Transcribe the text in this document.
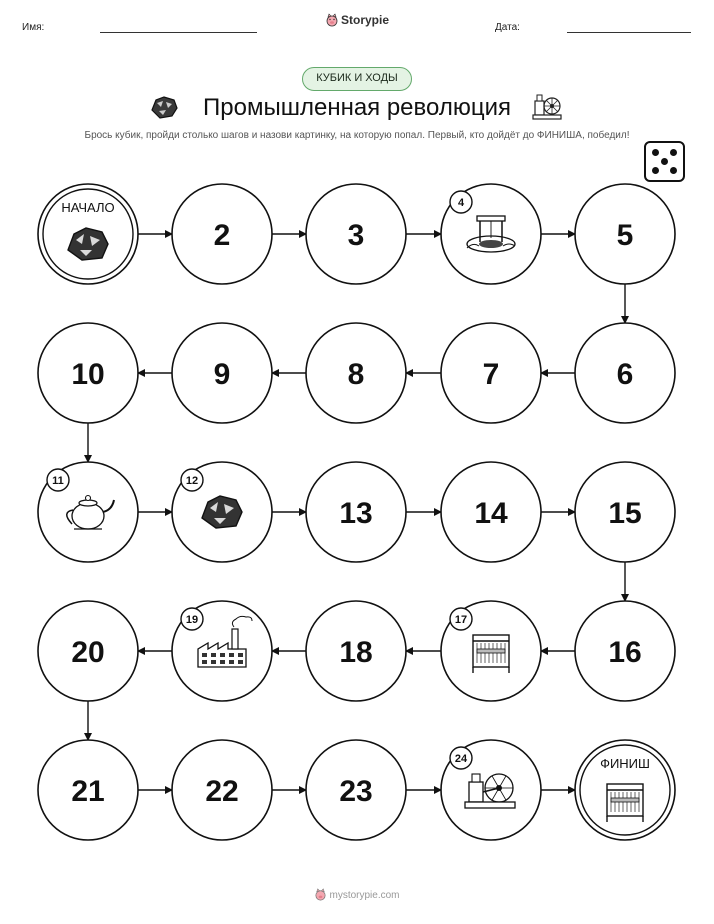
Имя:
Storypie
Дата:
КУБИК И ХОДЫ
Промышленная революция
Брось кубик, пройди столько шагов и назови картинку, на которую попал. Первый, кто дойдёт до ФИНИША, победил!
НАЧАЛО
2	3
4
5
6
7
8
9
10
11	12
13	14	15
16
17
18
19
20
21	22	23
24	ФИНИШ
mystorypie.com
